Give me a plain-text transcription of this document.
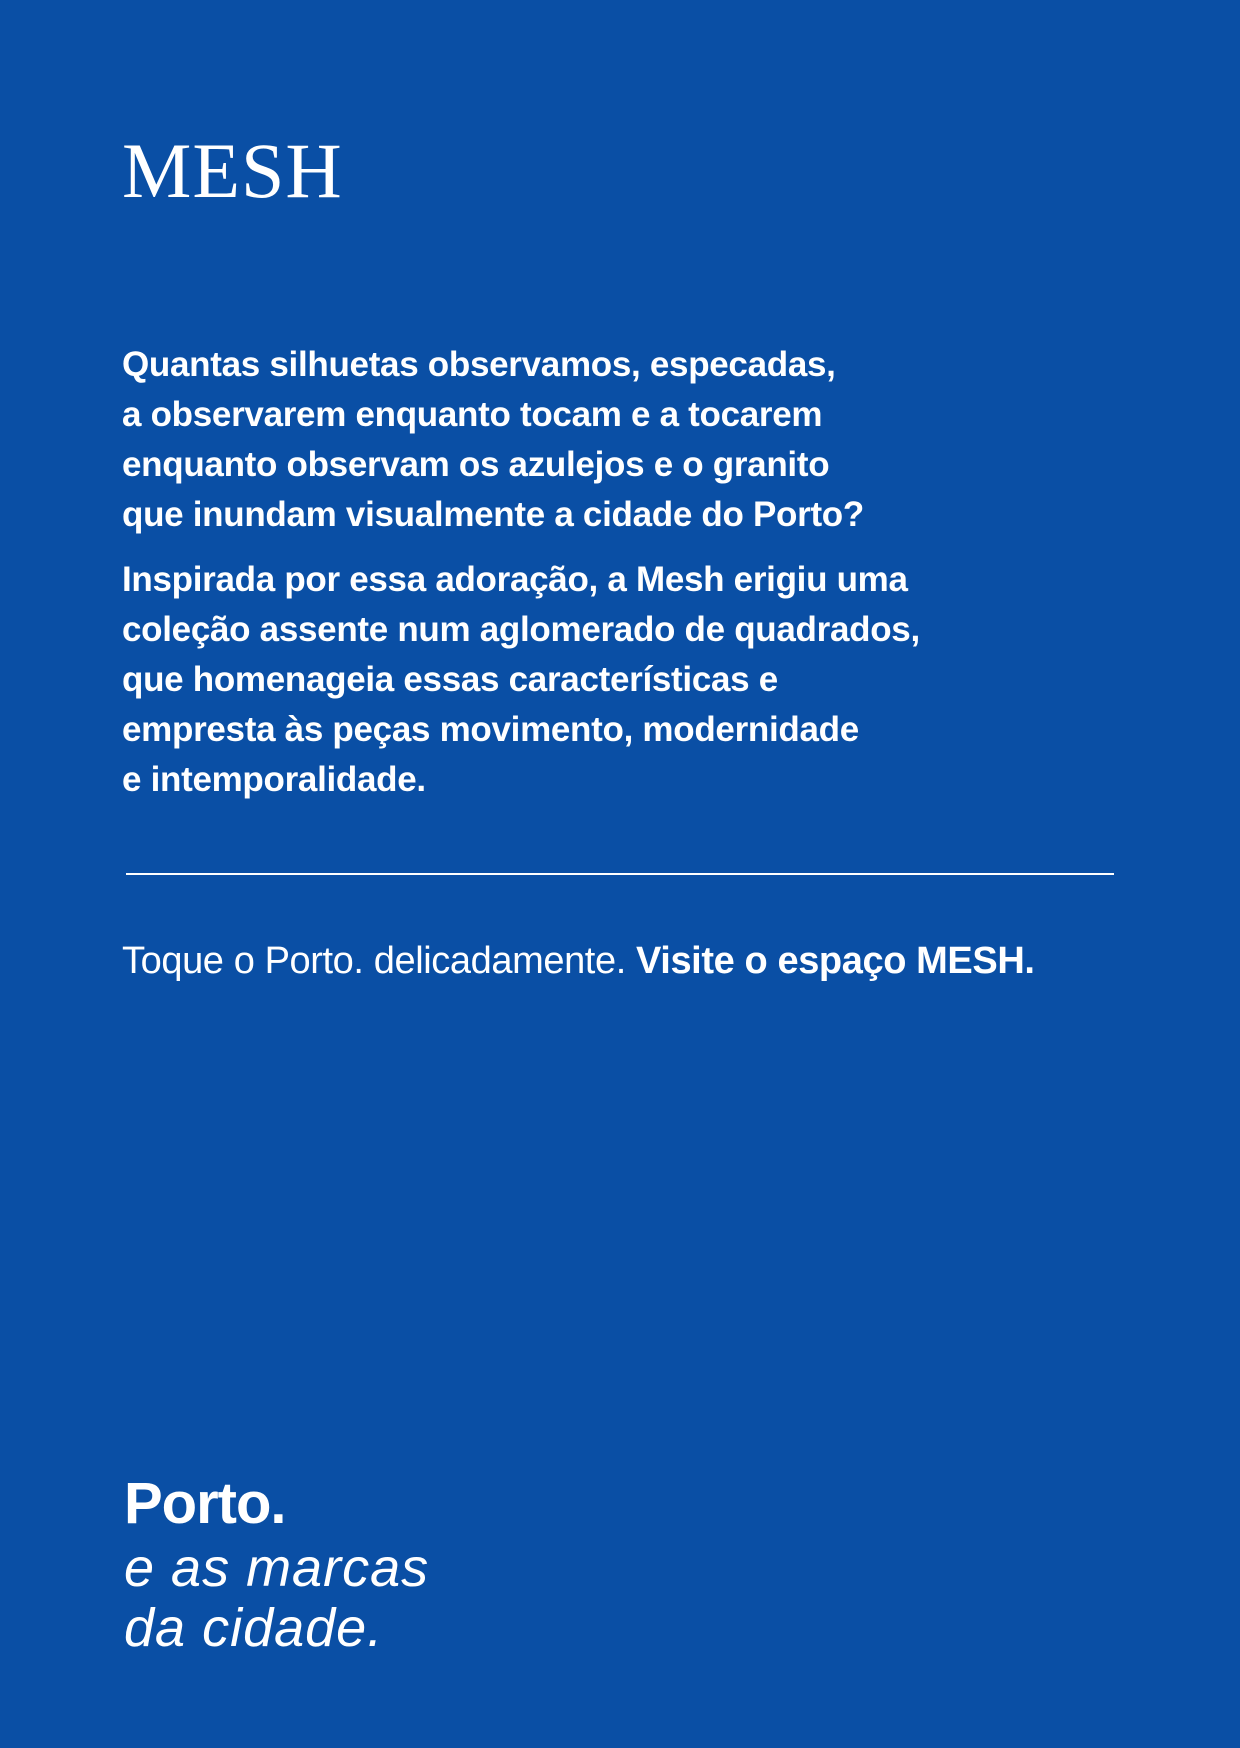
MESH

Quantas silhuetas observamos, especadas,
a observarem enquanto tocam e a tocarem
enquanto observam os azulejos e o granito
que inundam visualmente a cidade do Porto?

Inspirada por essa adoração, a Mesh erigiu uma
coleção assente num aglomerado de quadrados,
que homenageia essas características e
empresta às peças movimento, modernidade
e intemporalidade.

Toque o Porto. delicadamente. Visite o espaço MESH.

Porto.

e as marcas

da cidade.
